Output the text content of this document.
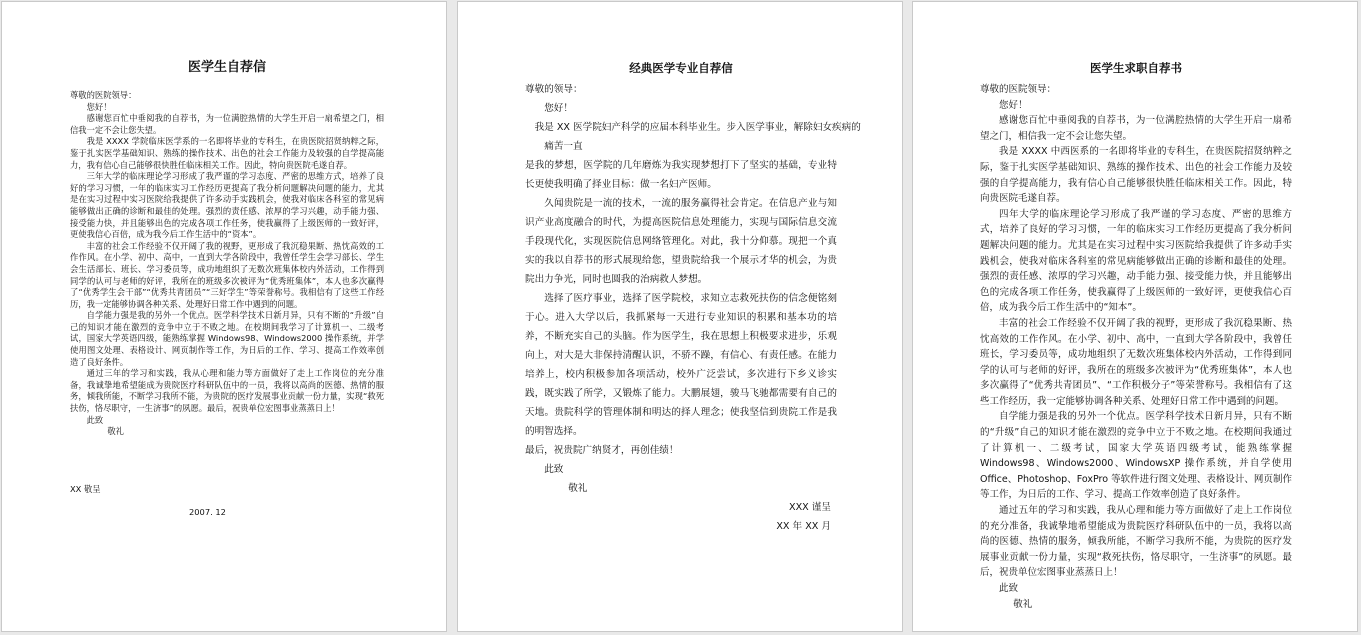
医学生自荐信

尊敬的医院领导：

您好！

感谢您百忙中垂阅我的自荐书，为一位满腔热情的大学生开启一扇希望之门，相信我一定不会让您失望。

我是 XXXX 学院临床医学系的一名即将毕业的专科生，在贵医院招贤纳粹之际，鉴于扎实医学基础知识、熟练的操作技术、出色的社会工作能力及较强的自学提高能力，我有信心自己能够很快胜任临床相关工作。因此，特向贵医院毛遂自荐。

三年大学的临床理论学习形成了我严谨的学习态度、严密的思维方式，培养了良好的学习习惯，一年的临床实习工作经历更提高了我分析问题解决问题的能力，尤其是在实习过程中实习医院给我提供了许多动手实践机会，使我对临床各科室的常见病能够做出正确的诊断和最佳的处理。强烈的责任感、浓厚的学习兴趣，动手能力强、接受能力快，并且能够出色的完成各项工作任务，使我赢得了上级医师的一致好评，更使我信心百倍，成为我今后工作生活中的“资本”。

丰富的社会工作经验不仅开阔了我的视野，更形成了我沉稳果断、热忱高效的工作作风。在小学、初中、高中，一直到大学各阶段中，我曾任学生会学习部长、学生会生活部长、班长、学习委员等，成功地组织了无数次班集体校内外活动，工作得到同学的认可与老师的好评，我所在的班级多次被评为“优秀班集体”，本人也多次赢得了“优秀学生会干部”“优秀共青团员”“三好学生”等荣誉称号。我相信有了这些工作经历，我一定能够协调各种关系、处理好日常工作中遇到的问题。

自学能力强是我的另外一个优点。医学科学技术日新月异，只有不断的“升级”自己的知识才能在激烈的竞争中立于不败之地。在校期间我学习了计算机一、二级考试，国家大学英语四级，能熟练掌握 Windows98、Windows2000 操作系统，并学使用图文处理、表格设计、网页制作等工作，为日后的工作、学习、提高工作效率创造了良好条件。

通过三年的学习和实践，我从心理和能力等方面做好了走上工作岗位的充分准备，我诚挚地希望能成为贵院医疗科研队伍中的一员，我将以高尚的医德、热情的服务，倾我所能，不断学习我所不能，为贵院的医疗发展事业贡献一份力量，实现“救死扶伤，恪尽职守，一生济事”的夙愿。最后，祝贵单位宏图事业蒸蒸日上！

此致

敬礼

XX 敬呈

2007. 12

经典医学专业自荐信

尊敬的领导：

您好！

我是 XX 医学院妇产科学的应届本科毕业生。步入医学事业，解除妇女疾病的

痛苦一直

是我的梦想，医学院的几年磨炼为我实现梦想打下了坚实的基础，专业特长更使我明确了择业目标：做一名妇产医师。

久闻贵院是一流的技术，一流的服务赢得社会肯定。在信息产业与知识产业高度融合的时代，为提高医院信息处理能力，实现与国际信息交流手段现代化，实现医院信息网络管理化。对此，我十分仰慕。现把一个真实的我以自荐书的形式展现给您，望贵院给我一个展示才华的机会，为贵院出力争光，同时也圆我的治病救人梦想。

选择了医疗事业，选择了医学院校，求知立志救死扶伤的信念便铭刻于心。进入大学以后，我抓紧每一天进行专业知识的积累和基本功的培养，不断充实自己的头脑。作为医学生，我在思想上积极要求进步，乐观向上，对大是大非保持清醒认识，不骄不躁，有信心、有责任感。在能力培养上，校内积极参加各项活动，校外广泛尝试，多次进行下乡义诊实践，既实践了所学，又锻炼了能力。大鹏展翅，骏马飞驰都需要有自己的天地。贵院科学的管理体制和明达的择人理念；使我坚信到贵院工作是我的明智选择。

最后，祝贵院广纳贤才，再创佳绩！

此致

敬礼

XXX 谨呈

XX 年 XX 月

医学生求职自荐书

尊敬的医院领导：

您好！

感谢您百忙中垂阅我的自荐书，为一位满腔热情的大学生开启一扇希望之门，相信我一定不会让您失望。

我是 XXXX 中西医系的一名即将毕业的专科生，在贵医院招贤纳粹之际，鉴于扎实医学基础知识、熟练的操作技术、出色的社会工作能力及较强的自学提高能力，我有信心自己能够很快胜任临床相关工作。因此，特向贵医院毛遂自荐。

四年大学的临床理论学习形成了我严谨的学习态度、严密的思维方式，培养了良好的学习习惯，一年的临床实习工作经历更提高了我分析问题解决问题的能力。尤其是在实习过程中实习医院给我提供了许多动手实践机会，使我对临床各科室的常见病能够做出正确的诊断和最佳的处理。强烈的责任感、浓厚的学习兴趣，动手能力强、接受能力快，并且能够出色的完成各项工作任务，使我赢得了上级医师的一致好评，更使我信心百倍，成为我今后工作生活中的“知本”。

丰富的社会工作经验不仅开阔了我的视野，更形成了我沉稳果断、热忱高效的工作作风。在小学、初中、高中，一直到大学各阶段中，我曾任班长，学习委员等，成功地组织了无数次班集体校内外活动，工作得到同学的认可与老师的好评，我所在的班级多次被评为“优秀班集体”，本人也多次赢得了“优秀共青团员”、“工作积极分子”等荣誉称号。我相信有了这些工作经历，我一定能够协调各种关系、处理好日常工作中遇到的问题。

自学能力强是我的另外一个优点。医学科学技术日新月异，只有不断的“升级”自己的知识才能在激烈的竞争中立于不败之地。在校期间我通过了计算机一、二级考试，国家大学英语四级考试，能熟练掌握 Windows98、Windows2000、WindowsXP 操作系统，并自学使用 Office、Photoshop、FoxPro 等软件进行图文处理、表格设计、网页制作等工作，为日后的工作、学习、提高工作效率创造了良好条件。

通过五年的学习和实践，我从心理和能力等方面做好了走上工作岗位的充分准备，我诚挚地希望能成为贵院医疗科研队伍中的一员，我将以高尚的医德、热情的服务，倾我所能，不断学习我所不能，为贵院的医疗发展事业贡献一份力量，实现“救死扶伤，恪尽职守，一生济事”的夙愿。最后，祝贵单位宏图事业蒸蒸日上！

此致

敬礼
